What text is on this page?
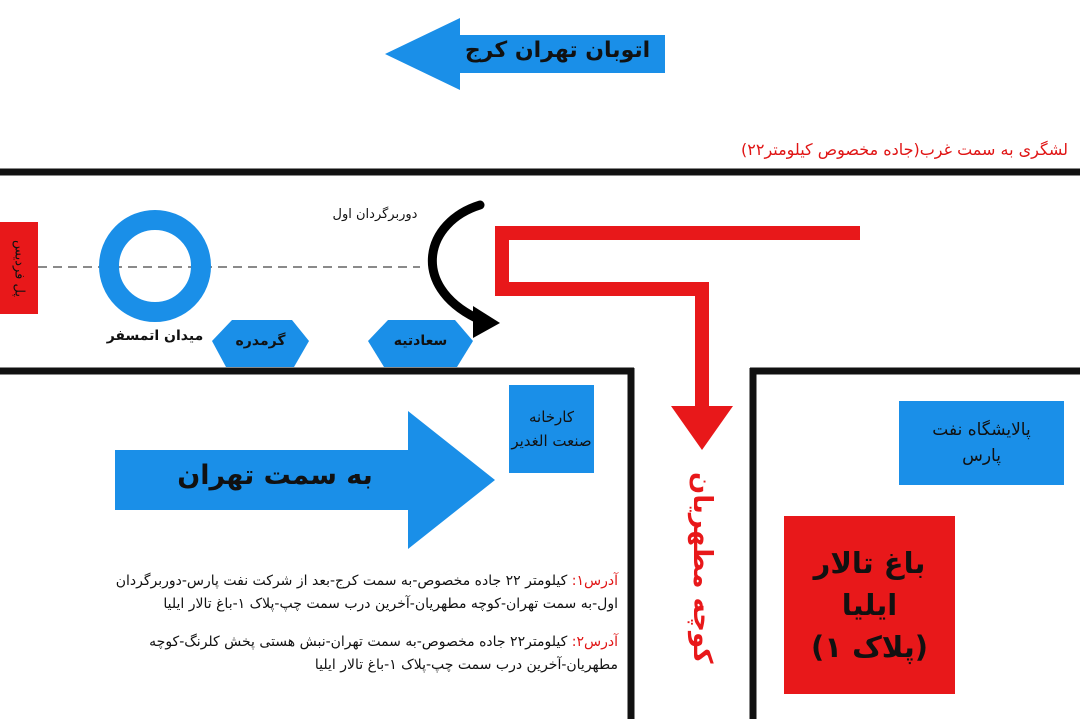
اتوبان تهران کرج

لشگری به سمت غرب(جاده مخصوص کیلومتر۲۲)

پل فردیس

میدان اتمسفر

دوربرگردان اول

گرمدره	سعادتیه

کارخانه صنعت الغدیر

به سمت تهران	کوچه مطهریان
پالایشگاه نفت پارس
باغ تالار
ایلیا
(پلاک ۱)
آدرس۱: کیلومتر ۲۲ جاده مخصوص-به سمت کرج-بعد از شرکت نفت پارس-دوربرگردان
اول-به سمت تهران-کوچه مطهریان-آخرین درب سمت چپ-پلاک ۱-باغ تالار ایلیا
آدرس۲: کیلومتر۲۲ جاده مخصوص-به سمت تهران-نبش هستی پخش کلرنگ-کوچه
مطهریان-آخرین درب سمت چپ-پلاک ۱-باغ تالار ایلیا
